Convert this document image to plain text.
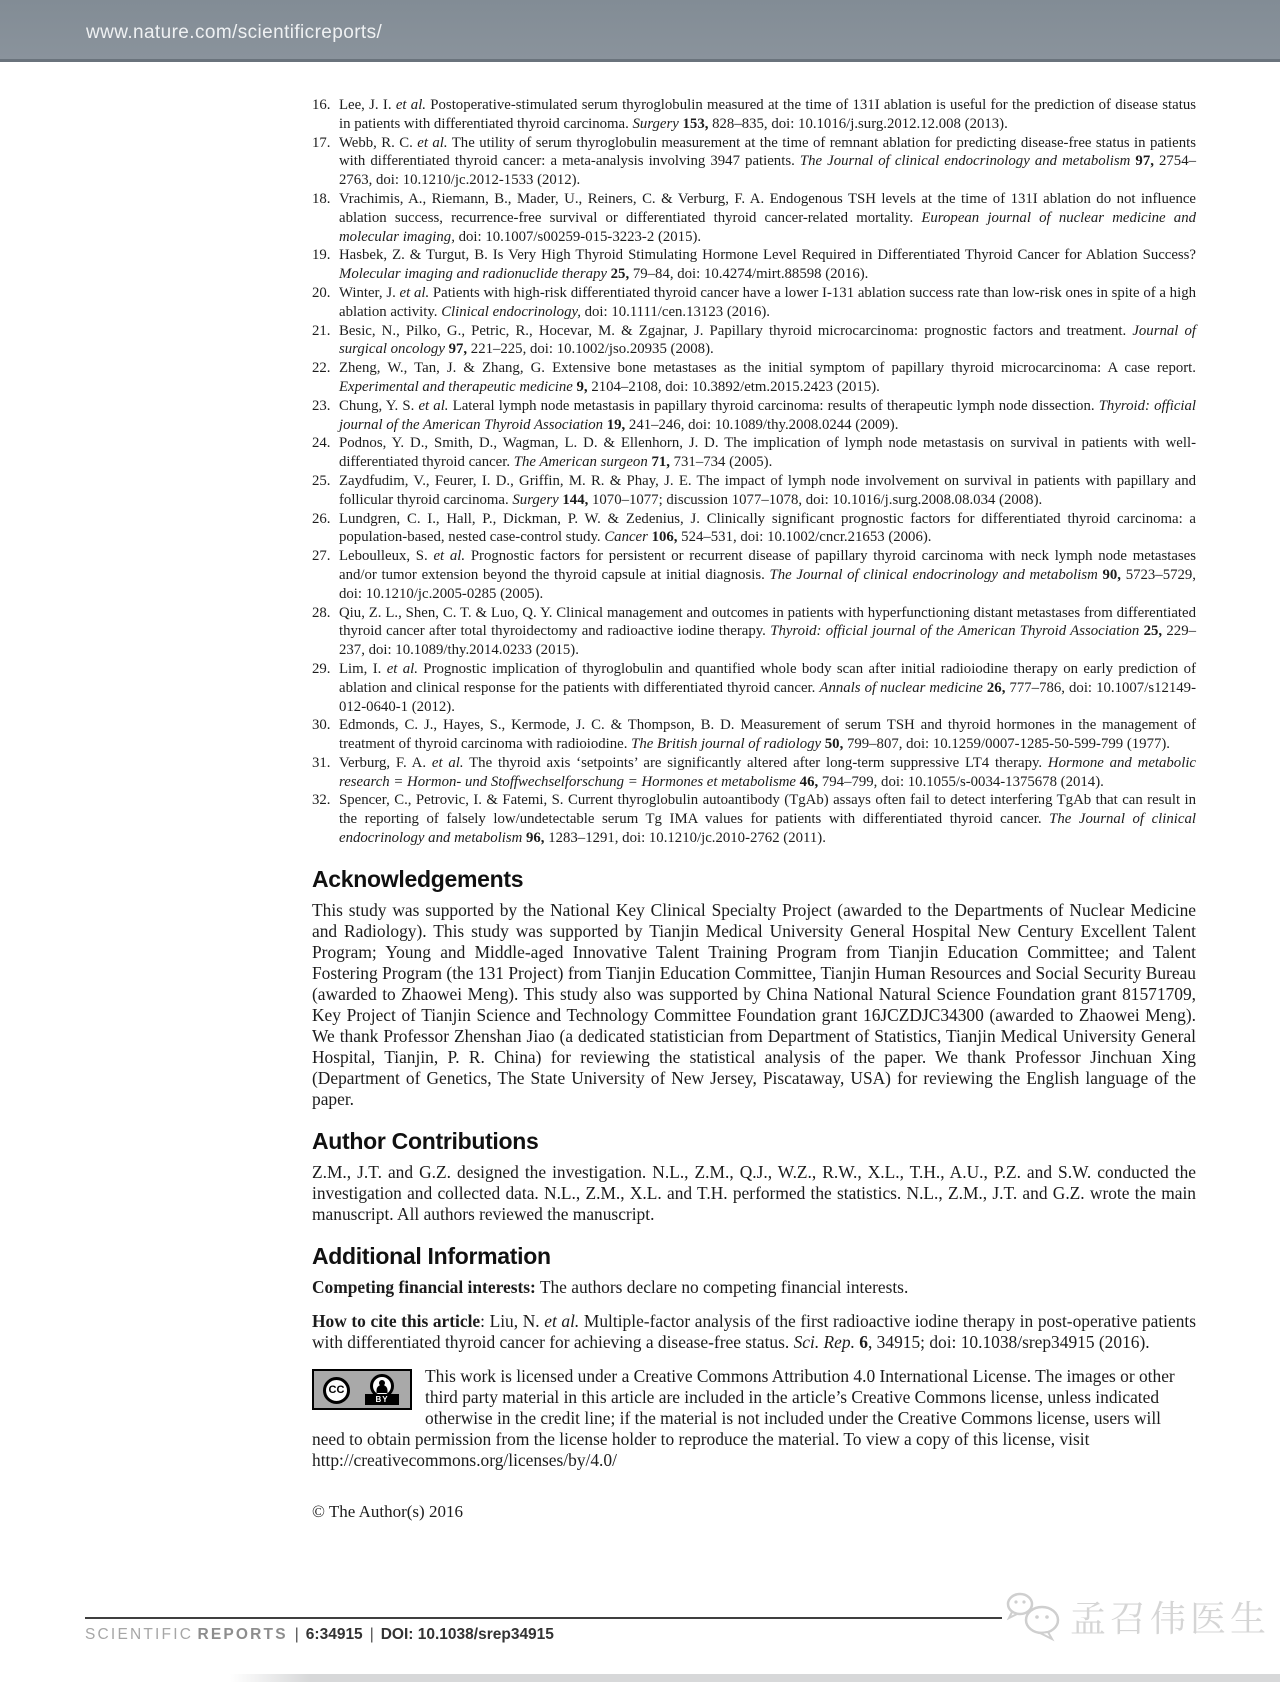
www.nature.com/scientificreports/
16. Lee, J. I. et al. Postoperative-stimulated serum thyroglobulin measured at the time of 131I ablation is useful for the prediction of disease status in patients with differentiated thyroid carcinoma. Surgery 153, 828–835, doi: 10.1016/j.surg.2012.12.008 (2013).
17. Webb, R. C. et al. The utility of serum thyroglobulin measurement at the time of remnant ablation for predicting disease-free status in patients with differentiated thyroid cancer: a meta-analysis involving 3947 patients. The Journal of clinical endocrinology and metabolism 97, 2754–2763, doi: 10.1210/jc.2012-1533 (2012).
18. Vrachimis, A., Riemann, B., Mader, U., Reiners, C. & Verburg, F. A. Endogenous TSH levels at the time of 131I ablation do not influence ablation success, recurrence-free survival or differentiated thyroid cancer-related mortality. European journal of nuclear medicine and molecular imaging, doi: 10.1007/s00259-015-3223-2 (2015).
19. Hasbek, Z. & Turgut, B. Is Very High Thyroid Stimulating Hormone Level Required in Differentiated Thyroid Cancer for Ablation Success? Molecular imaging and radionuclide therapy 25, 79–84, doi: 10.4274/mirt.88598 (2016).
20. Winter, J. et al. Patients with high-risk differentiated thyroid cancer have a lower I-131 ablation success rate than low-risk ones in spite of a high ablation activity. Clinical endocrinology, doi: 10.1111/cen.13123 (2016).
21. Besic, N., Pilko, G., Petric, R., Hocevar, M. & Zgajnar, J. Papillary thyroid microcarcinoma: prognostic factors and treatment. Journal of surgical oncology 97, 221–225, doi: 10.1002/jso.20935 (2008).
22. Zheng, W., Tan, J. & Zhang, G. Extensive bone metastases as the initial symptom of papillary thyroid microcarcinoma: A case report. Experimental and therapeutic medicine 9, 2104–2108, doi: 10.3892/etm.2015.2423 (2015).
23. Chung, Y. S. et al. Lateral lymph node metastasis in papillary thyroid carcinoma: results of therapeutic lymph node dissection. Thyroid: official journal of the American Thyroid Association 19, 241–246, doi: 10.1089/thy.2008.0244 (2009).
24. Podnos, Y. D., Smith, D., Wagman, L. D. & Ellenhorn, J. D. The implication of lymph node metastasis on survival in patients with well-differentiated thyroid cancer. The American surgeon 71, 731–734 (2005).
25. Zaydfudim, V., Feurer, I. D., Griffin, M. R. & Phay, J. E. The impact of lymph node involvement on survival in patients with papillary and follicular thyroid carcinoma. Surgery 144, 1070–1077; discussion 1077–1078, doi: 10.1016/j.surg.2008.08.034 (2008).
26. Lundgren, C. I., Hall, P., Dickman, P. W. & Zedenius, J. Clinically significant prognostic factors for differentiated thyroid carcinoma: a population-based, nested case-control study. Cancer 106, 524–531, doi: 10.1002/cncr.21653 (2006).
27. Leboulleux, S. et al. Prognostic factors for persistent or recurrent disease of papillary thyroid carcinoma with neck lymph node metastases and/or tumor extension beyond the thyroid capsule at initial diagnosis. The Journal of clinical endocrinology and metabolism 90, 5723–5729, doi: 10.1210/jc.2005-0285 (2005).
28. Qiu, Z. L., Shen, C. T. & Luo, Q. Y. Clinical management and outcomes in patients with hyperfunctioning distant metastases from differentiated thyroid cancer after total thyroidectomy and radioactive iodine therapy. Thyroid: official journal of the American Thyroid Association 25, 229–237, doi: 10.1089/thy.2014.0233 (2015).
29. Lim, I. et al. Prognostic implication of thyroglobulin and quantified whole body scan after initial radioiodine therapy on early prediction of ablation and clinical response for the patients with differentiated thyroid cancer. Annals of nuclear medicine 26, 777–786, doi: 10.1007/s12149-012-0640-1 (2012).
30. Edmonds, C. J., Hayes, S., Kermode, J. C. & Thompson, B. D. Measurement of serum TSH and thyroid hormones in the management of treatment of thyroid carcinoma with radioiodine. The British journal of radiology 50, 799–807, doi: 10.1259/0007-1285-50-599-799 (1977).
31. Verburg, F. A. et al. The thyroid axis ‘setpoints’ are significantly altered after long-term suppressive LT4 therapy. Hormone and metabolic research = Hormon- und Stoffwechselforschung = Hormones et metabolisme 46, 794–799, doi: 10.1055/s-0034-1375678 (2014).
32. Spencer, C., Petrovic, I. & Fatemi, S. Current thyroglobulin autoantibody (TgAb) assays often fail to detect interfering TgAb that can result in the reporting of falsely low/undetectable serum Tg IMA values for patients with differentiated thyroid cancer. The Journal of clinical endocrinology and metabolism 96, 1283–1291, doi: 10.1210/jc.2010-2762 (2011).
Acknowledgements

This study was supported by the National Key Clinical Specialty Project (awarded to the Departments of Nuclear Medicine and Radiology). This study was supported by Tianjin Medical University General Hospital New Century Excellent Talent Program; Young and Middle-aged Innovative Talent Training Program from Tianjin Education Committee; and Talent Fostering Program (the 131 Project) from Tianjin Education Committee, Tianjin Human Resources and Social Security Bureau (awarded to Zhaowei Meng). This study also was supported by China National Natural Science Foundation grant 81571709, Key Project of Tianjin Science and Technology Committee Foundation grant 16JCZDJC34300 (awarded to Zhaowei Meng). We thank Professor Zhenshan Jiao (a dedicated statistician from Department of Statistics, Tianjin Medical University General Hospital, Tianjin, P. R. China) for reviewing the statistical analysis of the paper. We thank Professor Jinchuan Xing (Department of Genetics, The State University of New Jersey, Piscataway, USA) for reviewing the English language of the paper.

Author Contributions

Z.M., J.T. and G.Z. designed the investigation. N.L., Z.M., Q.J., W.Z., R.W., X.L., T.H., A.U., P.Z. and S.W. conducted the investigation and collected data. N.L., Z.M., X.L. and T.H. performed the statistics. N.L., Z.M., J.T. and G.Z. wrote the main manuscript. All authors reviewed the manuscript.

Additional Information

Competing financial interests: The authors declare no competing financial interests.

How to cite this article: Liu, N. et al. Multiple-factor analysis of the first radioactive iodine therapy in post-operative patients with differentiated thyroid cancer for achieving a disease-free status. Sci. Rep. 6, 34915; doi: 10.1038/srep34915 (2016).

CC
BY
This work is licensed under a Creative Commons Attribution 4.0 International License. The images or other third party material in this article are included in the article’s Creative Commons license, unless indicated otherwise in the credit line; if the material is not included under the Creative Commons license, users will need to obtain permission from the license holder to reproduce the material. To view a copy of this license, visit http://creativecommons.org/licenses/by/4.0/

© The Author(s) 2016

SCIENTIFIC REPORTS | 6:34915 | DOI: 10.1038/srep34915	孟召伟医生
